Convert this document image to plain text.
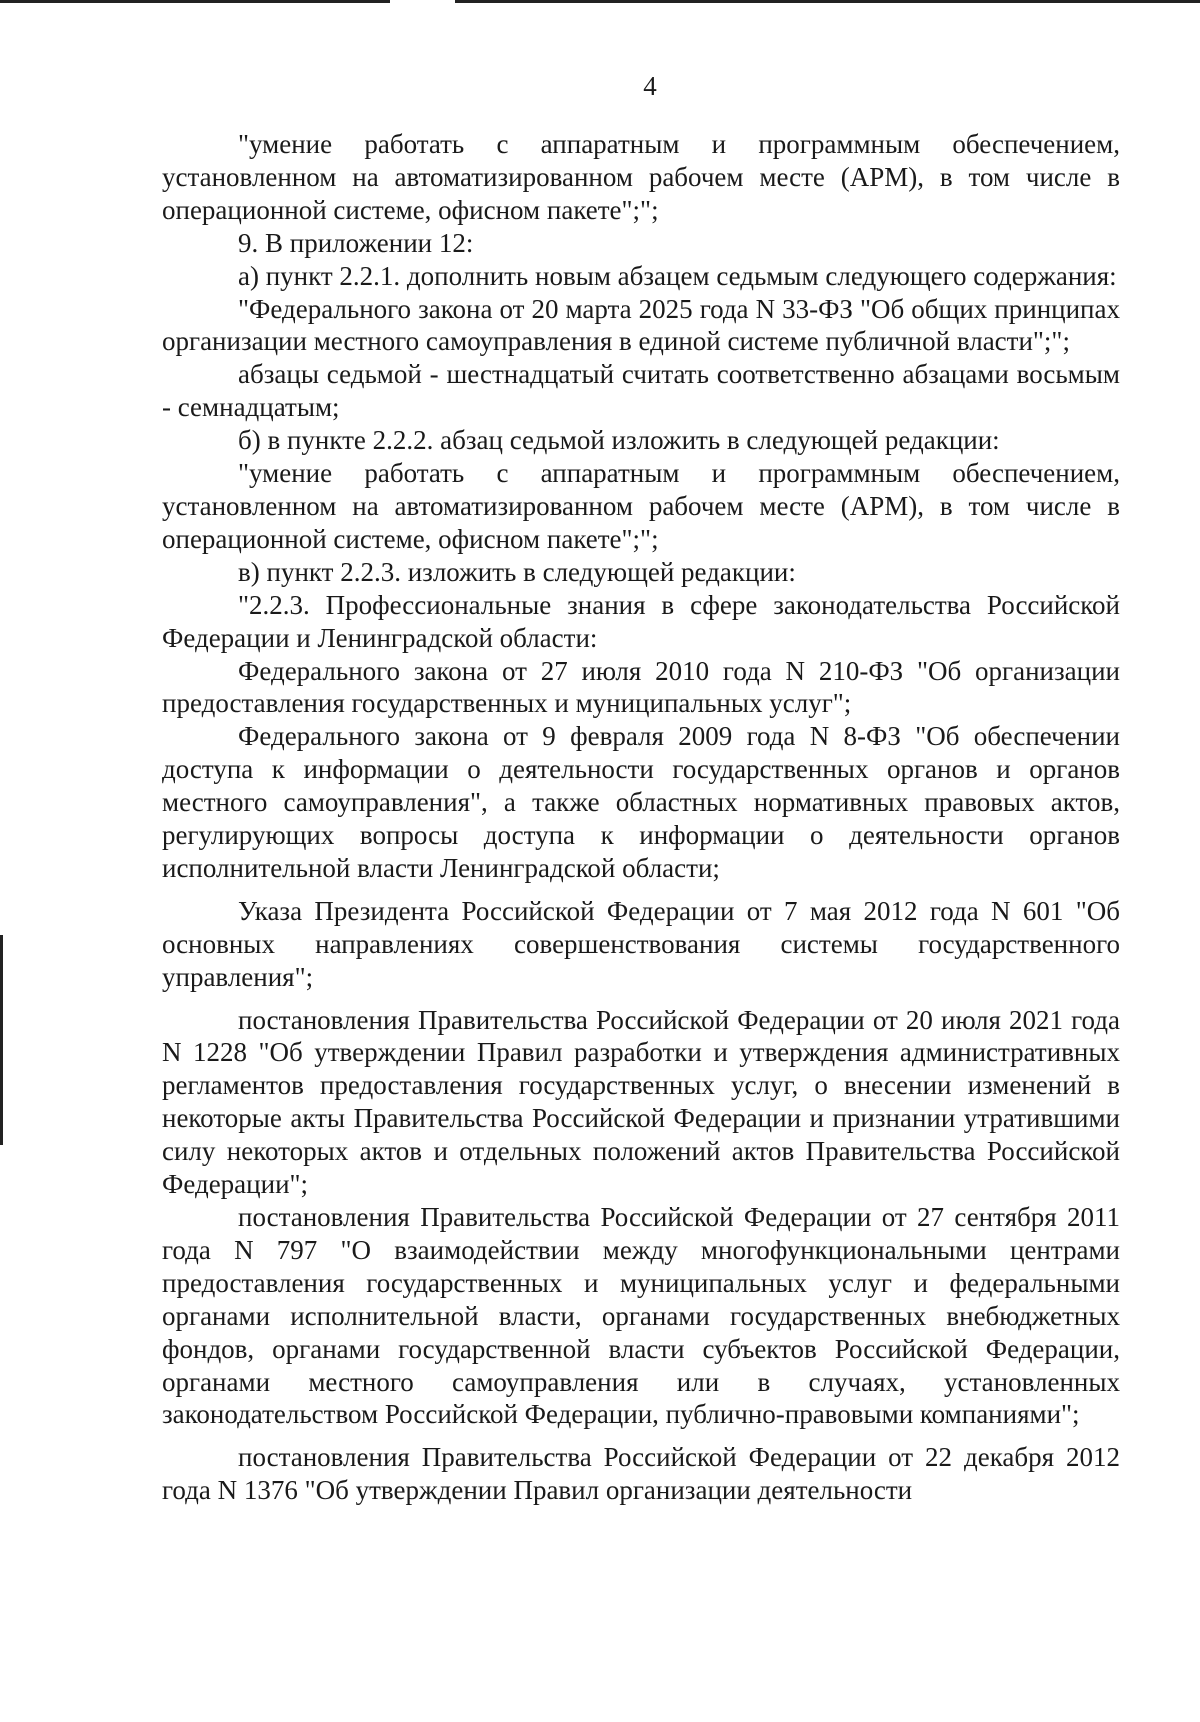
4

"умение работать с аппаратным и программным обеспечением, установленном на автоматизированном рабочем месте (АРМ), в том числе в операционной системе, офисном пакете";";

9. В приложении 12:

а) пункт 2.2.1. дополнить новым абзацем седьмым следующего содержания:

"Федерального закона от 20 марта 2025 года N 33-ФЗ "Об общих принципах организации местного самоуправления в единой системе публичной власти";";

абзацы седьмой - шестнадцатый считать соответственно абзацами восьмым - семнадцатым;

б) в пункте 2.2.2. абзац седьмой изложить в следующей редакции:

"умение работать с аппаратным и программным обеспечением, установленном на автоматизированном рабочем месте (АРМ), в том числе в операционной системе, офисном пакете";";

в) пункт 2.2.3. изложить в следующей редакции:

"2.2.3. Профессиональные знания в сфере законодательства Российской Федерации и Ленинградской области:

Федерального закона от 27 июля 2010 года N 210-ФЗ "Об организации предоставления государственных и муниципальных услуг";

Федерального закона от 9 февраля 2009 года N 8-ФЗ "Об обеспечении доступа к информации о деятельности государственных органов и органов местного самоуправления", а также областных нормативных правовых актов, регулирующих вопросы доступа к информации о деятельности органов исполнительной власти Ленинградской области;

Указа Президента Российской Федерации от 7 мая 2012 года N 601 "Об основных направлениях совершенствования системы государственного управления";

постановления Правительства Российской Федерации от 20 июля 2021 года N 1228 "Об утверждении Правил разработки и утверждения административных регламентов предоставления государственных услуг, о внесении изменений в некоторые акты Правительства Российской Федерации и признании утратившими силу некоторых актов и отдельных положений актов Правительства Российской Федерации";

постановления Правительства Российской Федерации от 27 сентября 2011 года N 797 "О взаимодействии между многофункциональными центрами предоставления государственных и муниципальных услуг и федеральными органами исполнительной власти, органами государственных внебюджетных фондов, органами государственной власти субъектов Российской Федерации, органами местного самоуправления или в случаях, установленных законодательством Российской Федерации, публично-правовыми компаниями";

постановления Правительства Российской Федерации от 22 декабря 2012 года N 1376 "Об утверждении Правил организации деятельности
